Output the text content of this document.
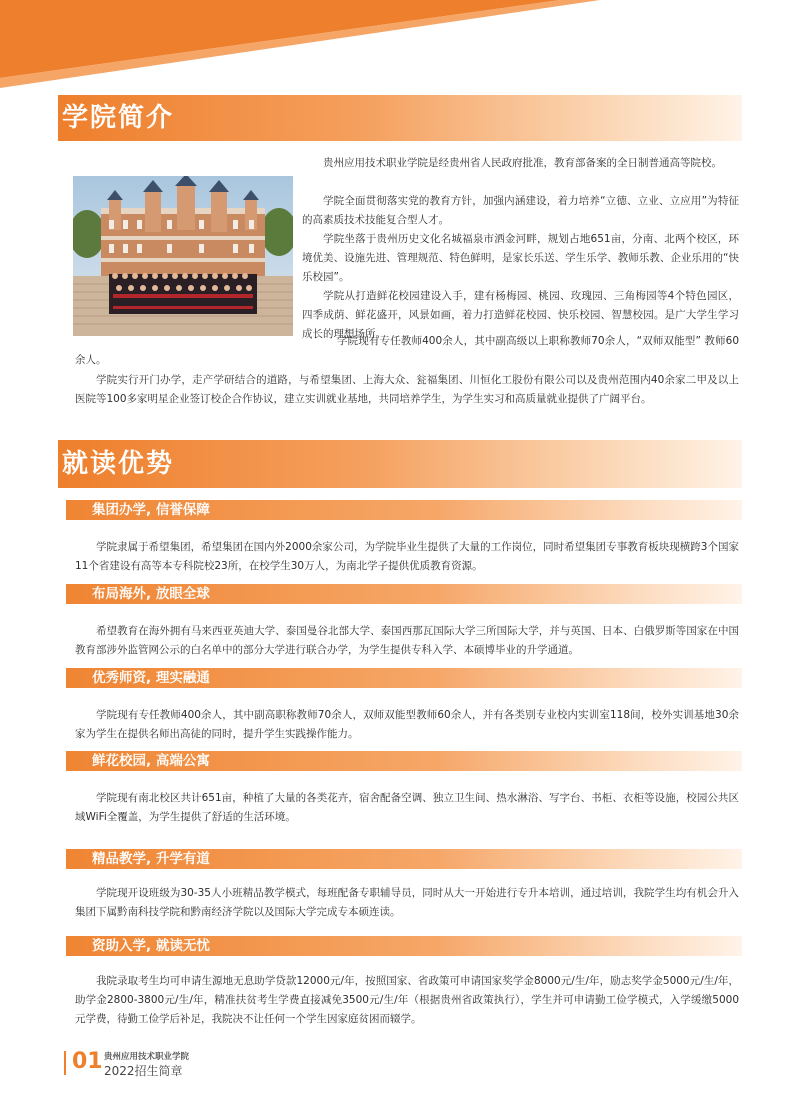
学院简介

贵州应用技术职业学院是经贵州省人民政府批准，教育部备案的全日制普通高等院校。

学院全面贯彻落实党的教育方针，加强内涵建设，着力培养“立德、立业、立应用”为特征的高素质技术技能复合型人才。

学院坐落于贵州历史文化名城福泉市洒金河畔，规划占地651亩，分南、北两个校区，环境优美、设施先进、管理规范、特色鲜明，是家长乐送、学生乐学、教师乐教、企业乐用的“快乐校园”。

学院从打造鲜花校园建设入手，建有杨梅园、桃园、玫瑰园、三角梅园等4个特色园区，四季成荫、鲜花盛开，风景如画，着力打造鲜花校园、快乐校园、智慧校园。是广大学生学习成长的理想场所。

学院现有专任教师400余人，其中副高级以上职称教师70余人，“双师双能型” 教师60余人。

学院实行开门办学，走产学研结合的道路，与希望集团、上海大众、瓮福集团、川恒化工股份有限公司以及贵州范围内40余家二甲及以上医院等100多家明星企业签订校企合作协议，建立实训就业基地，共同培养学生，为学生实习和高质量就业提供了广阔平台。

就读优势
集团办学, 信誉保障

学院隶属于希望集团，希望集团在国内外2000余家公司，为学院毕业生提供了大量的工作岗位，同时希望集团专事教育板块现横跨3个国家11个省建设有高等本专科院校23所，在校学生30万人，为南北学子提供优质教育资源。

布局海外, 放眼全球

希望教育在海外拥有马来西亚英迪大学、泰国曼谷北部大学、泰国西那瓦国际大学三所国际大学，并与英国、日本、白俄罗斯等国家在中国教育部涉外监管网公示的白名单中的部分大学进行联合办学，为学生提供专科入学、本硕博毕业的升学通道。

优秀师资, 理实融通

学院现有专任教师400余人，其中副高职称教师70余人，双师双能型教师60余人，并有各类别专业校内实训室118间，校外实训基地30余家为学生在提供名师出高徒的同时，提升学生实践操作能力。

鲜花校园, 高端公寓

学院现有南北校区共计651亩，种植了大量的各类花卉，宿舍配备空调、独立卫生间、热水淋浴、写字台、书柜、衣柜等设施，校园公共区域WiFi全覆盖，为学生提供了舒适的生活环境。

精品教学, 升学有道

学院现开设班级为30-35人小班精品教学模式，每班配备专职辅导员，同时从大一开始进行专升本培训，通过培训，我院学生均有机会升入集团下属黔南科技学院和黔南经济学院以及国际大学完成专本硕连读。

资助入学, 就读无忧

我院录取考生均可申请生源地无息助学贷款12000元/年，按照国家、省政策可申请国家奖学金8000元/生/年，励志奖学金5000元/生/年，助学金2800-3800元/生/年，精准扶贫考生学费直接减免3500元/生/年（根据贵州省政策执行），学生并可申请勤工俭学模式，入学缓缴5000元学费，待勤工俭学后补足，我院决不让任何一个学生因家庭贫困而辍学。

01 贵州应用技术职业学院
2022招生简章
